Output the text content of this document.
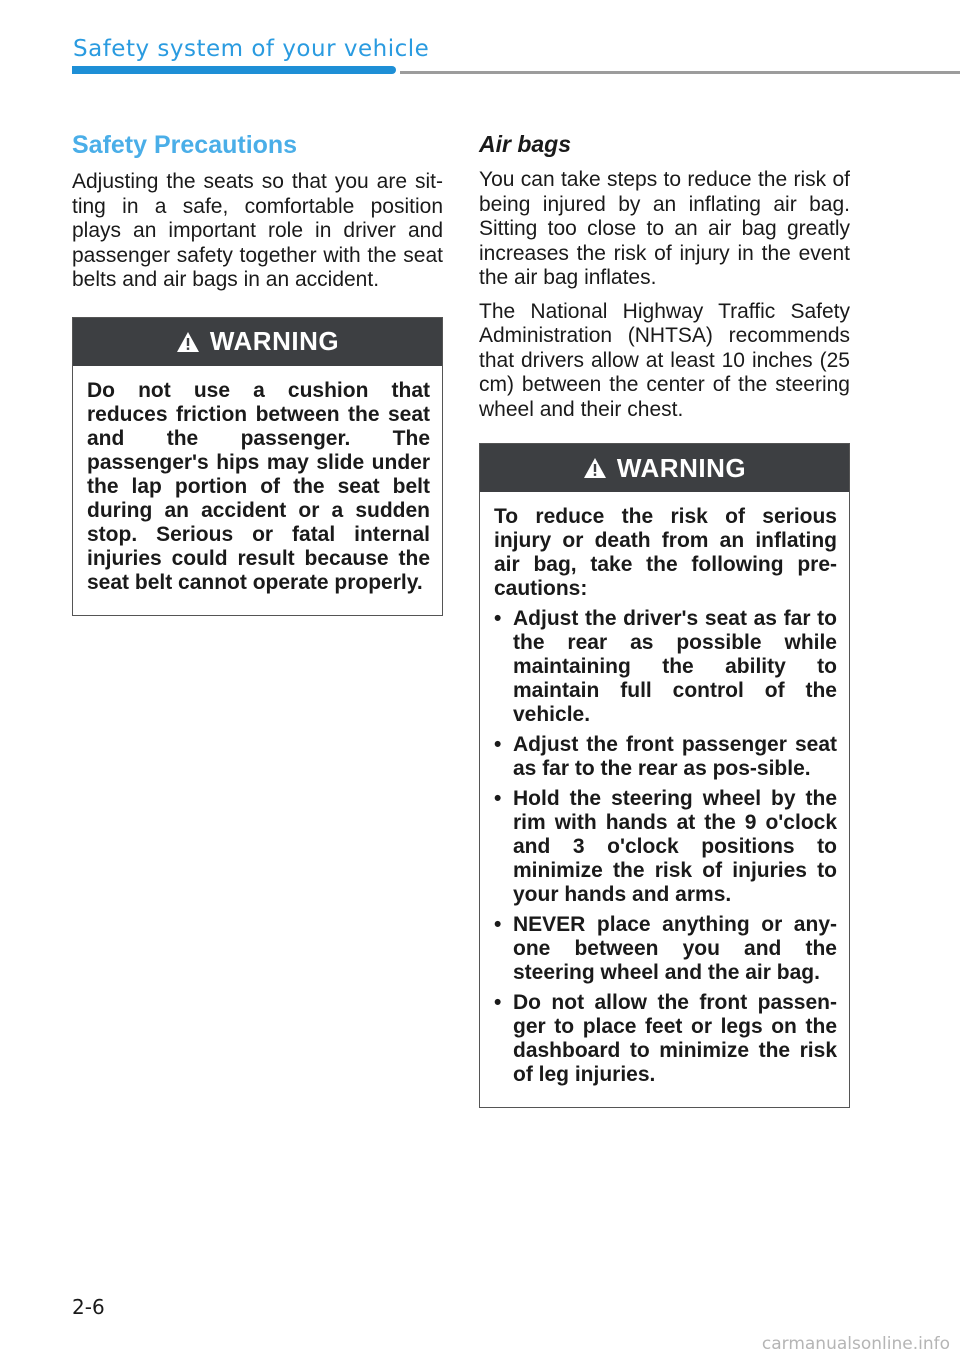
Safety system of your vehicle
Safety Precautions

Adjusting the seats so that you are sit-ting in a safe, comfortable position plays an important role in driver and passenger safety together with the seat belts and air bags in an accident.

WARNING

Do not use a cushion that reduces friction between the seat and the passenger. The passenger's hips may slide under the lap portion of the seat belt during an accident or a sudden stop. Serious or fatal internal injuries could result because the seat belt cannot operate properly.

Air bags

You can take steps to reduce the risk of being injured by an inflating air bag. Sitting too close to an air bag greatly increases the risk of injury in the event the air bag inflates.

The National Highway Traffic Safety Administration (NHTSA) recommends that drivers allow at least 10 inches (25 cm) between the center of the steering wheel and their chest.

WARNING

To reduce the risk of serious injury or death from an inflating air bag, take the following pre-cautions:

• Adjust the driver's seat as far to the rear as possible while maintaining the ability to maintain full control of the vehicle.
• Adjust the front passenger seat as far to the rear as pos-sible.
• Hold the steering wheel by the rim with hands at the 9 o'clock and 3 o'clock positions to minimize the risk of injuries to your hands and arms.
• NEVER place anything or any-one between you and the steering wheel and the air bag.
• Do not allow the front passen-ger to place feet or legs on the dashboard to minimize the risk of leg injuries.
2-6
carmanualsonline.info
